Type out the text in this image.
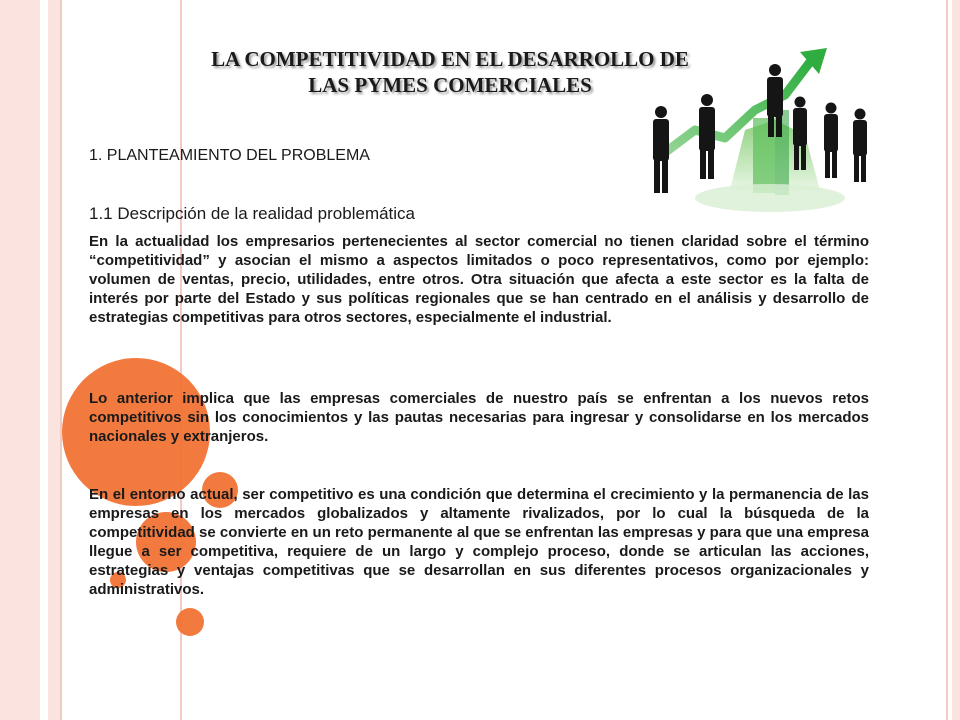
LA COMPETITIVIDAD EN EL DESARROLLO DE
LAS PYMES COMERCIALES
1. PLANTEAMIENTO DEL PROBLEMA
1.1 Descripción de la realidad problemática
En la actualidad los empresarios pertenecientes al sector comercial no tienen claridad sobre el término “competitividad” y asocian el mismo a aspectos limitados o poco representativos, como por ejemplo: volumen de ventas, precio, utilidades, entre otros. Otra situación que afecta a este sector es la falta de interés por parte del Estado y sus políticas regionales que se han centrado en el análisis y desarrollo de estrategias competitivas para otros sectores, especialmente el industrial.
Lo anterior implica que las empresas comerciales de nuestro país se enfrentan a los nuevos retos competitivos sin los conocimientos y las pautas necesarias para ingresar y consolidarse en los mercados nacionales y extranjeros.
En el entorno actual, ser competitivo es una condición que determina el crecimiento y la permanencia de las empresas en los mercados globalizados y altamente rivalizados, por lo cual la búsqueda de la competitividad se convierte en un reto permanente al que se enfrentan las empresas y para que una empresa llegue a ser competitiva, requiere de un largo y complejo proceso, donde se articulan las acciones, estrategias y ventajas competitivas que se desarrollan en sus diferentes procesos organizacionales y administrativos.
